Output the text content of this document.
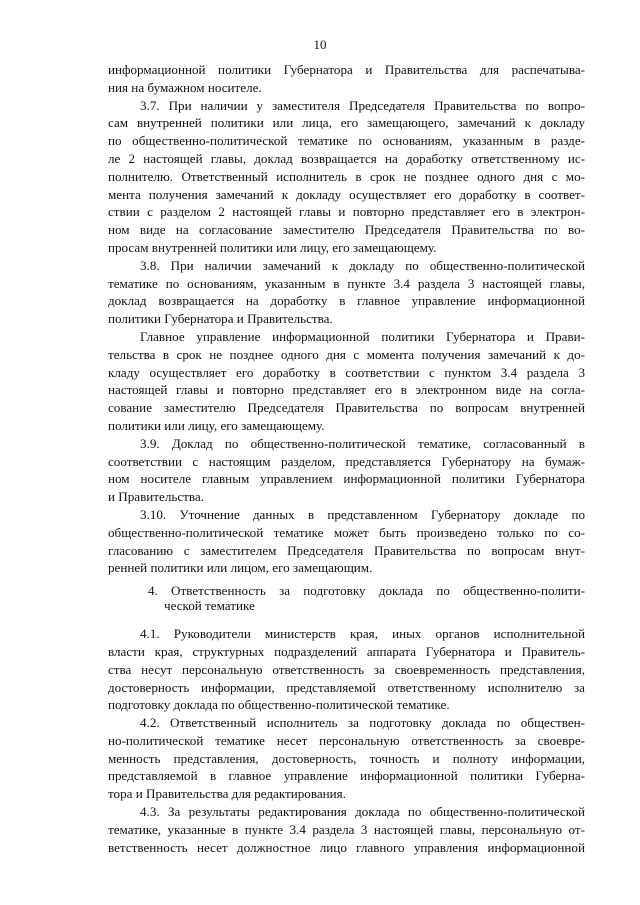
10
информационной политики Губернатора и Правительства для распечатыва-
ния на бумажном носителе.
3.7. При наличии у заместителя Председателя Правительства по вопро-
сам внутренней политики или лица, его замещающего, замечаний к докладу
по общественно-политической тематике по основаниям, указанным в разде-
ле 2 настоящей главы, доклад возвращается на доработку ответственному ис-
полнителю. Ответственный исполнитель в срок не позднее одного дня с мо-
мента получения замечаний к докладу осуществляет его доработку в соответ-
ствии с разделом 2 настоящей главы и повторно представляет его в электрон-
ном виде на согласование заместителю Председателя Правительства по во-
просам внутренней политики или лицу, его замещающему.
3.8. При наличии замечаний к докладу по общественно-политической
тематике по основаниям, указанным в пункте 3.4 раздела 3 настоящей главы,
доклад возвращается на доработку в главное управление информационной
политики Губернатора и Правительства.
Главное управление информационной политики Губернатора и Прави-
тельства в срок не позднее одного дня с момента получения замечаний к до-
кладу осуществляет его доработку в соответствии с пунктом 3.4 раздела 3
настоящей главы и повторно представляет его в электронном виде на согла-
сование заместителю Председателя Правительства по вопросам внутренней
политики или лицу, его замещающему.
3.9. Доклад по общественно-политической тематике, согласованный в
соответствии с настоящим разделом, представляется Губернатору на бумаж-
ном носителе главным управлением информационной политики Губернатора
и Правительства.
3.10. Уточнение данных в представленном Губернатору докладе по
общественно-политической тематике может быть произведено только по со-
гласованию с заместителем Председателя Правительства по вопросам внут-
ренней политики или лицом, его замещающим.
4. Ответственность за подготовку доклада по общественно-полити-
ческой тематике
4.1. Руководители министерств края, иных органов исполнительной
власти края, структурных подразделений аппарата Губернатора и Правитель-
ства несут персональную ответственность за своевременность представления,
достоверность информации, представляемой ответственному исполнителю за
подготовку доклада по общественно-политической тематике.
4.2. Ответственный исполнитель за подготовку доклада по обществен-
но-политической тематике несет персональную ответственность за своевре-
менность представления, достоверность, точность и полноту информации,
представляемой в главное управление информационной политики Губерна-
тора и Правительства для редактирования.
4.3. За результаты редактирования доклада по общественно-политической
тематике, указанные в пункте 3.4 раздела 3 настоящей главы, персональную от-
ветственность несет должностное лицо главного управления информационной
